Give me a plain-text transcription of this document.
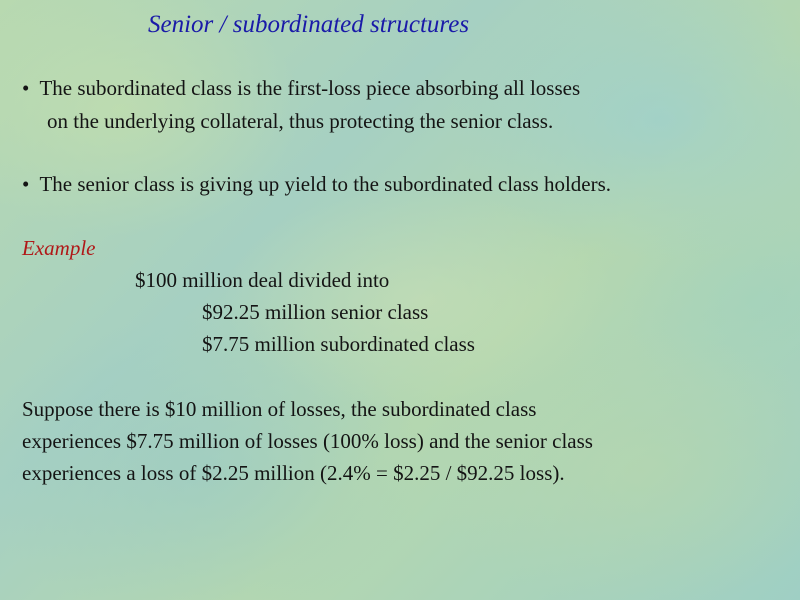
Senior / subordinated structures
• The subordinated class is the first-loss piece absorbing all losses
on the underlying collateral, thus protecting the senior class.
• The senior class is giving up yield to the subordinated class holders.
Example
$100 million deal divided into
$92.25 million senior class
$7.75 million subordinated class
Suppose there is $10 million of losses, the subordinated class
experiences $7.75 million of losses (100% loss) and the senior class
experiences a loss of $2.25 million (2.4% = $2.25 / $92.25 loss).
